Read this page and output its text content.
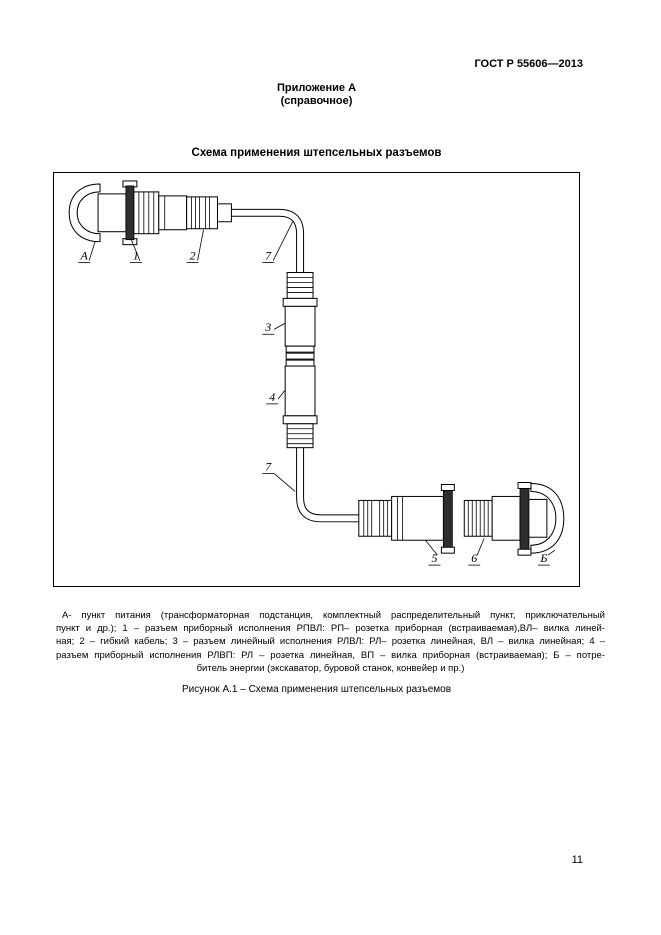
ГОСТ Р 55606—2013
Приложение А
(справочное)
Схема применения штепсельных разъемов
А	1	2	7
3
4
7
5	6	Б
А- пункт питания (трансформаторная подстанция, комплектный распределительный пункт, приключательный
пункт и др.); 1 – разъем приборный исполнения РПВЛ: РП– розетка приборная (встраиваемая),ВЛ– вилка линей-
ная; 2 – гибкий кабель; 3 – разъем линейный исполнения РЛВЛ: РЛ– розетка линейная, ВЛ – вилка линейная; 4 –
разъем приборный исполнения РЛВП: РЛ – розетка линейная, ВП – вилка приборная (встраиваемая); Б – потре-
битель энергии (экскаватор, буровой станок, конвейер и пр.)
Рисунок А.1 – Схема применения штепсельных разъемов
11
